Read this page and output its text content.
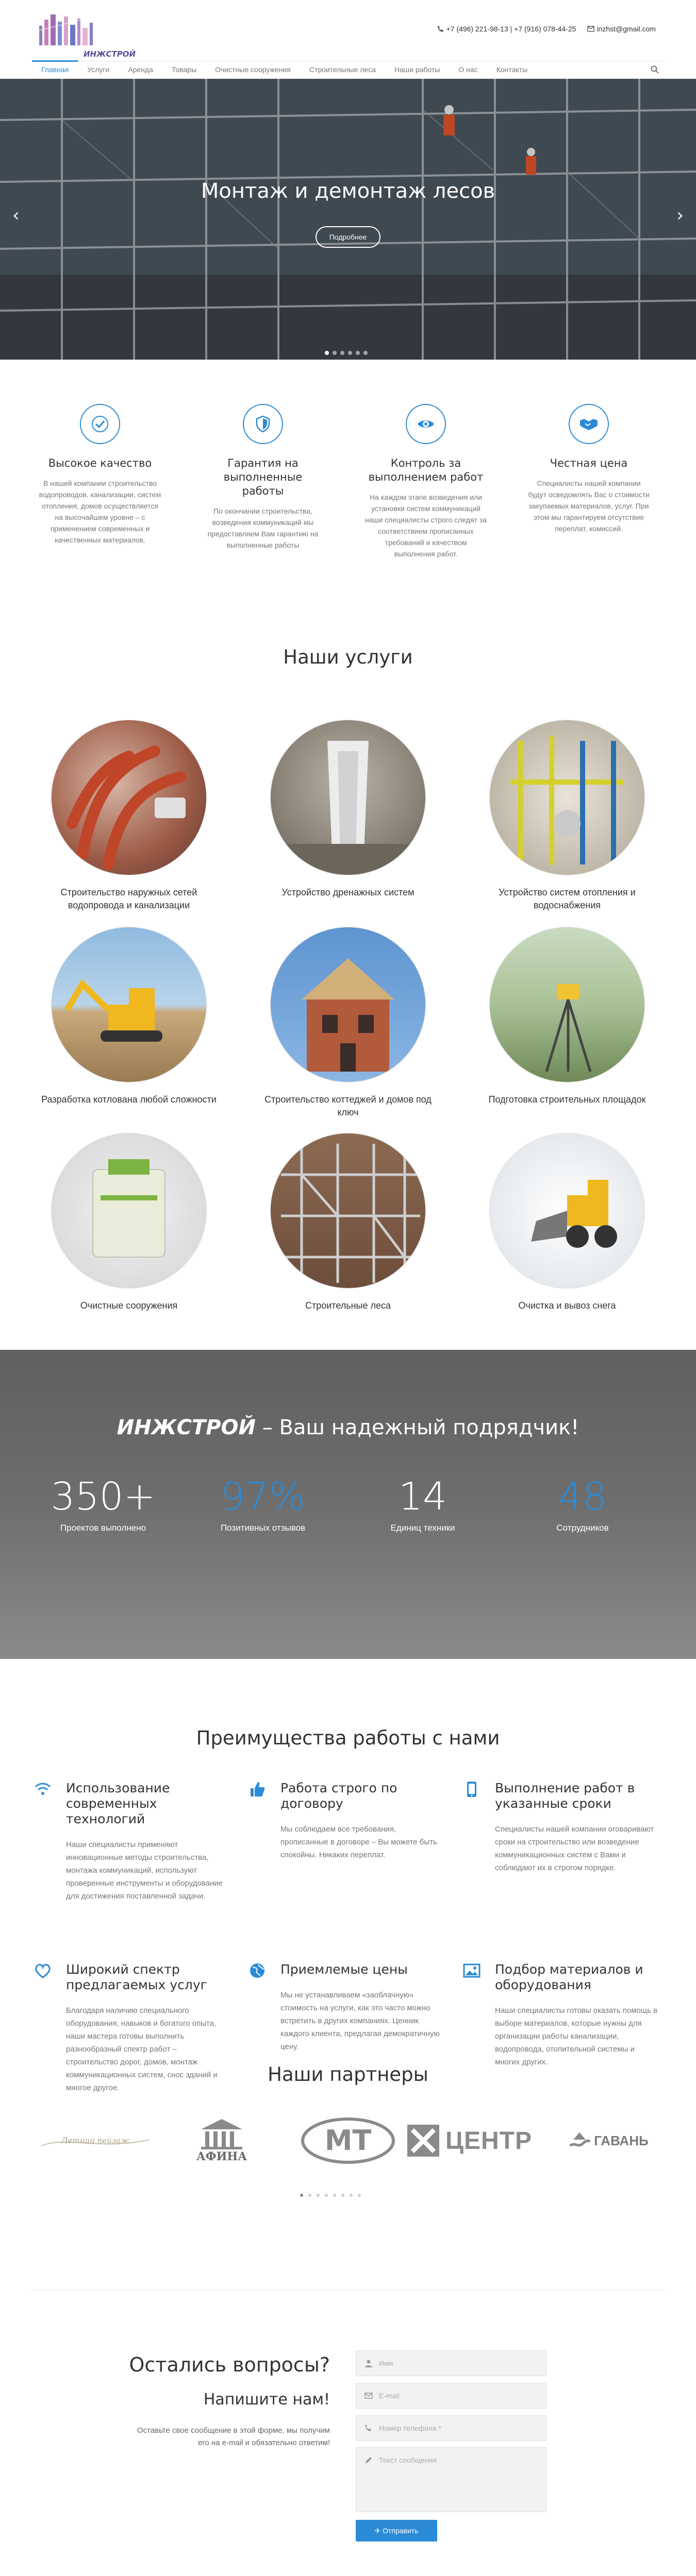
ИНЖСТРОЙ
+7 (496) 221-98-13 | +7 (916) 078-44-25	inzhst@gmail.com
Главная	Услуги	Аренда	Товары	Очистные сооружения	Строительные леса	Наши работы	О нас	Контакты
Монтаж и демонтаж лесов
Подробнее
‹	›
Высокое качество

В нашей компании строительство водопроводов, канализации, систем отопления, домов осуществляется на высочайшем уровне – с применением современных и качественных материалов.

Гарантия на выполненные работы

По окончании строительства, возведения коммуникаций мы предоставляем Вам гарантию на выполненные работы

Контроль за выполнением работ

На каждом этапе возведения или установки систем коммуникаций наши специалисты строго следят за соответствием прописанных требований и качеством выполнения работ.

Честная цена

Специалисты нашей компании будут осведомлять Вас о стоимости закупаемых материалов, услуг. При этом мы гарантируем отсутствие переплат, комиссий.

Наши услуги

Строительство наружных сетей водопровода и канализации

Устройство дренажных систем	Устройство систем отопления и водоснабжения

Разработка котлована любой сложности	Строительство коттеджей и домов под ключ

Подготовка строительных площадок

Очистные сооружения	Строительные леса	Очистка и вывоз снега

ИНЖСТРОЙ – Ваш надежный подрядчик!
350+
Проектов выполнено
97%
Позитивных отзывов
14
Единиц техники
48
Сотрудников
Преимущества работы с нами
Использование современных технологий

Наши специалисты применяют инновационные методы строительства, монтажа коммуникаций, используют проверенные инструменты и оборудование для достижения поставленной задачи.

Работа строго по договору

Мы соблюдаем все требования, прописанные в договоре – Вы можете быть спокойны. Никаких переплат.

Выполнение работ в указанные сроки

Специалисты нашей компании оговаривают сроки на строительство или возведение коммуникационных систем с Вами и соблюдают их в строгом порядке.

Широкий спектр предлагаемых услуг

Благодаря наличию специального оборудования, навыков и богатого опыта, наши мастера готовы выполнить разнообразный спектр работ – строительство дорог, домов, монтаж коммуникационных систем, снос зданий и многое другое.

Приемлемые цены

Мы не устанавливаем «заоблачную» стоимость на услуги, как это часто можно встретить в других компаниях. Ценник каждого клиента, предлагая демократичную цену.

Подбор материалов и оборудования

Наши специалисты готовы оказать помощь в выборе материалов, которые нужны для организации работы канализации, водопровода, отопительной системы и многих других.

Наши партнеры
Летний пейзаж
АФИНА	МТ	ЦЕНТР	ГАВАНЬ
Остались вопросы?
Напишите нам!
Оставьте свое сообщение в этой форме, мы получим его на e-mail и обязательно ответим!
Имя
E-mail
Номер телефона *
Текст сообщения
✈ Отправить
